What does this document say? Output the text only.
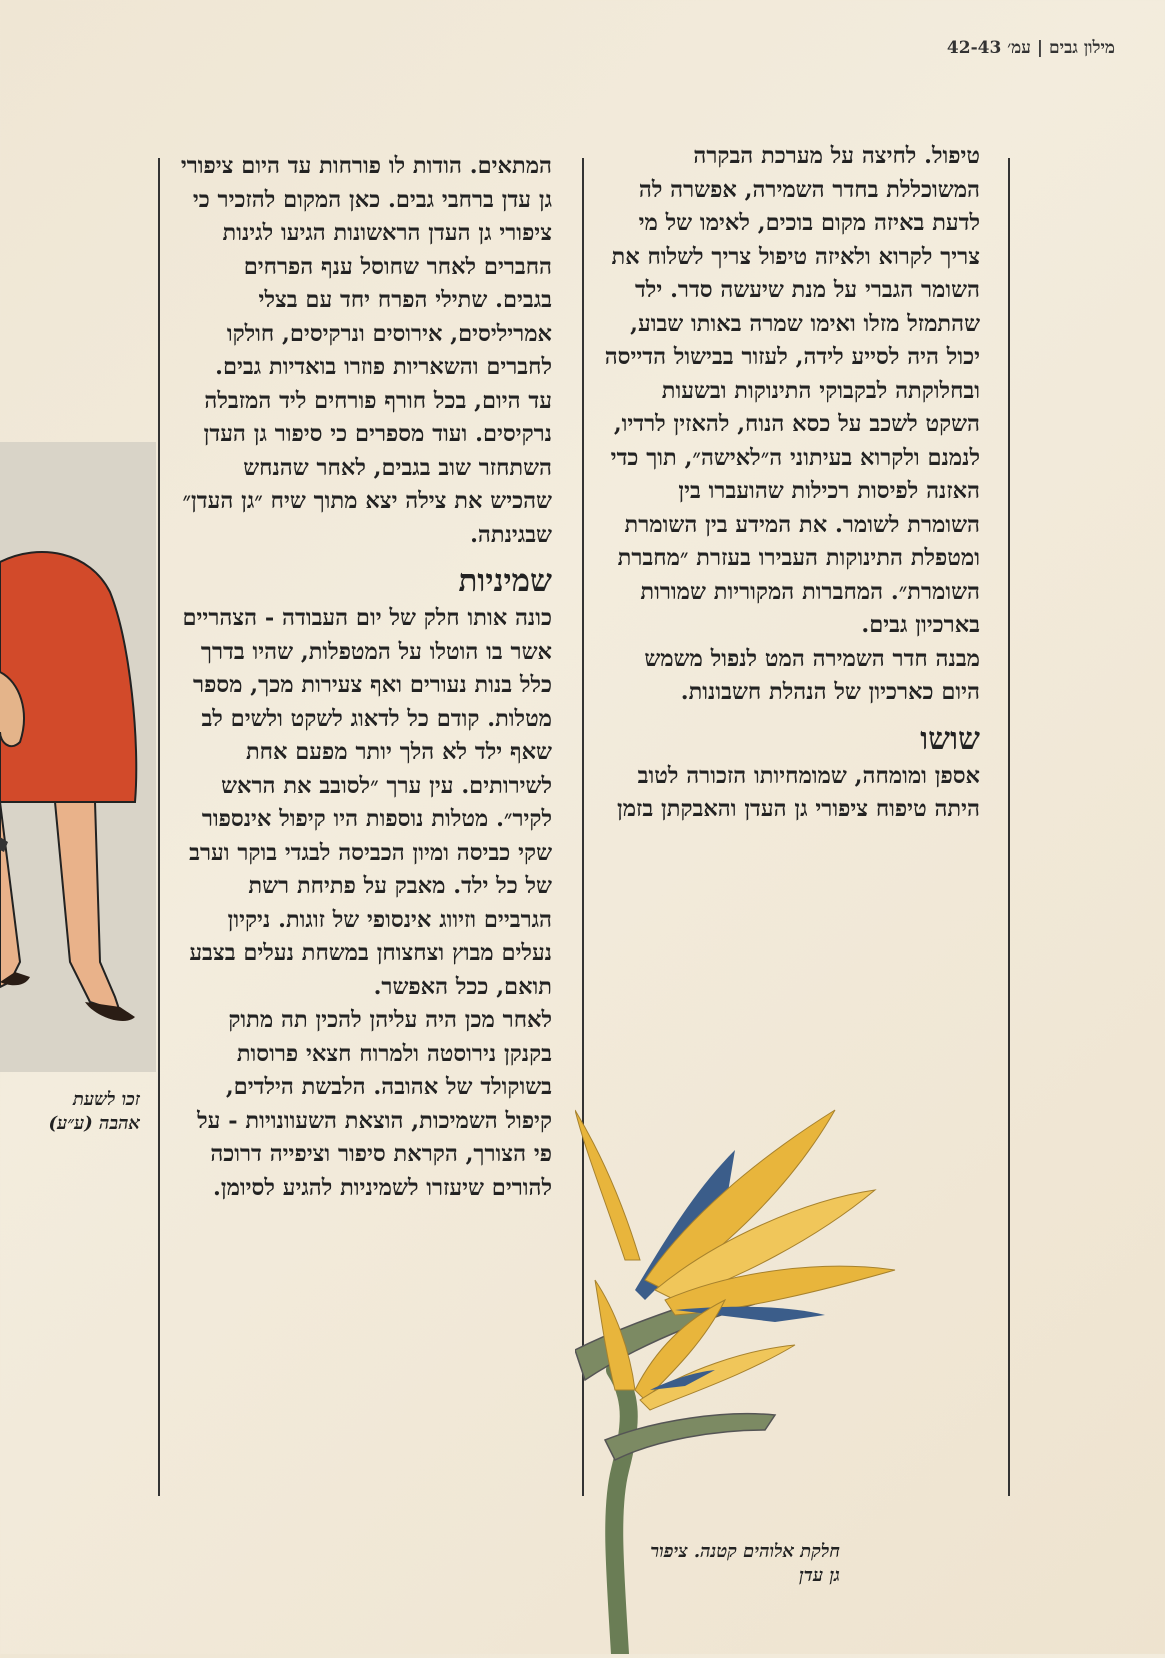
מילון גבים|עמ׳ 42-43

טיפול. לחיצה על מערכת הבקרה המשוכללת בחדר השמירה, אפשרה לה לדעת באיזה מקום בוכים, לאימו של מי צריך לקרוא ולאיזה טיפול צריך לשלוח את השומר הגברי על מנת שיעשה סדר. ילד שהתמזל מזלו ואימו שמרה באותו שבוע, יכול היה לסייע לידה, לעזור בבישול הדייסה ובחלוקתה לבקבוקי התינוקות ובשעות השקט לשכב על כסא הנוח, להאזין לרדיו, לנמנם ולקרוא בעיתוני ה״לאישה״, תוך כדי האזנה לפיסות רכילות שהועברו בין השומרת לשומר. את המידע בין השומרת ומטפלת התינוקות העבירו בעזרת ״מחברת השומרת״. המחברות המקוריות שמורות בארכיון גבים.

מבנה חדר השמירה המט לנפול משמש היום כארכיון של הנהלת חשבונות.

שושו

אספן ומומחה, שמומחיותו הזכורה לטוב היתה טיפוח ציפורי גן העדן והאבקתן בזמן

המתאים. הודות לו פורחות עד היום ציפורי גן עדן ברחבי גבים. כאן המקום להזכיר כי ציפורי גן העדן הראשונות הגיעו לגינות החברים לאחר שחוסל ענף הפרחים בגבים. שתילי הפרח יחד עם בצלי אמריליסים, אירוסים ונרקיסים, חולקו לחברים והשאריות פוזרו בואדיות גבים.

עד היום, בכל חורף פורחים ליד המזבלה נרקיסים. ועוד מספרים כי סיפור גן העדן השתחזר שוב בגבים, לאחר שהנחש שהכיש את צילה יצא מתוך שיח ״גן העדן״ שבגינתה.

שמיניות

כונה אותו חלק של יום העבודה - הצהריים אשר בו הוטלו על המטפלות, שהיו בדרך כלל בנות נעורים ואף צעירות מכך, מספר מטלות. קודם כל לדאוג לשקט ולשים לב שאף ילד לא הלך יותר מפעם אחת לשירותים. עין ערך ״לסובב את הראש לקיר״. מטלות נוספות היו קיפול אינספור שקי כביסה ומיון הכביסה לבגדי בוקר וערב של כל ילד. מאבק על פתיחת רשת הגרביים וזיווג אינסופי של זוגות. ניקיון נעלים מבוץ וצחצוחן במשחת נעלים בצבע תואם, ככל האפשר.

לאחר מכן היה עליהן להכין תה מתוק בקנקן נירוסטה ולמרוח חצאי פרוסות בשוקולד של אהובה. הלבשת הילדים, קיפול השמיכות, הוצאת השעוונויות - על פי הצורך, הקראת סיפור וציפייה דרוכה להורים שיעזרו לשמיניות להגיע לסיומן.

זכו לשעת אהבה (ע״ע)
חלקת אלוהים קטנה. ציפור גן עדן
